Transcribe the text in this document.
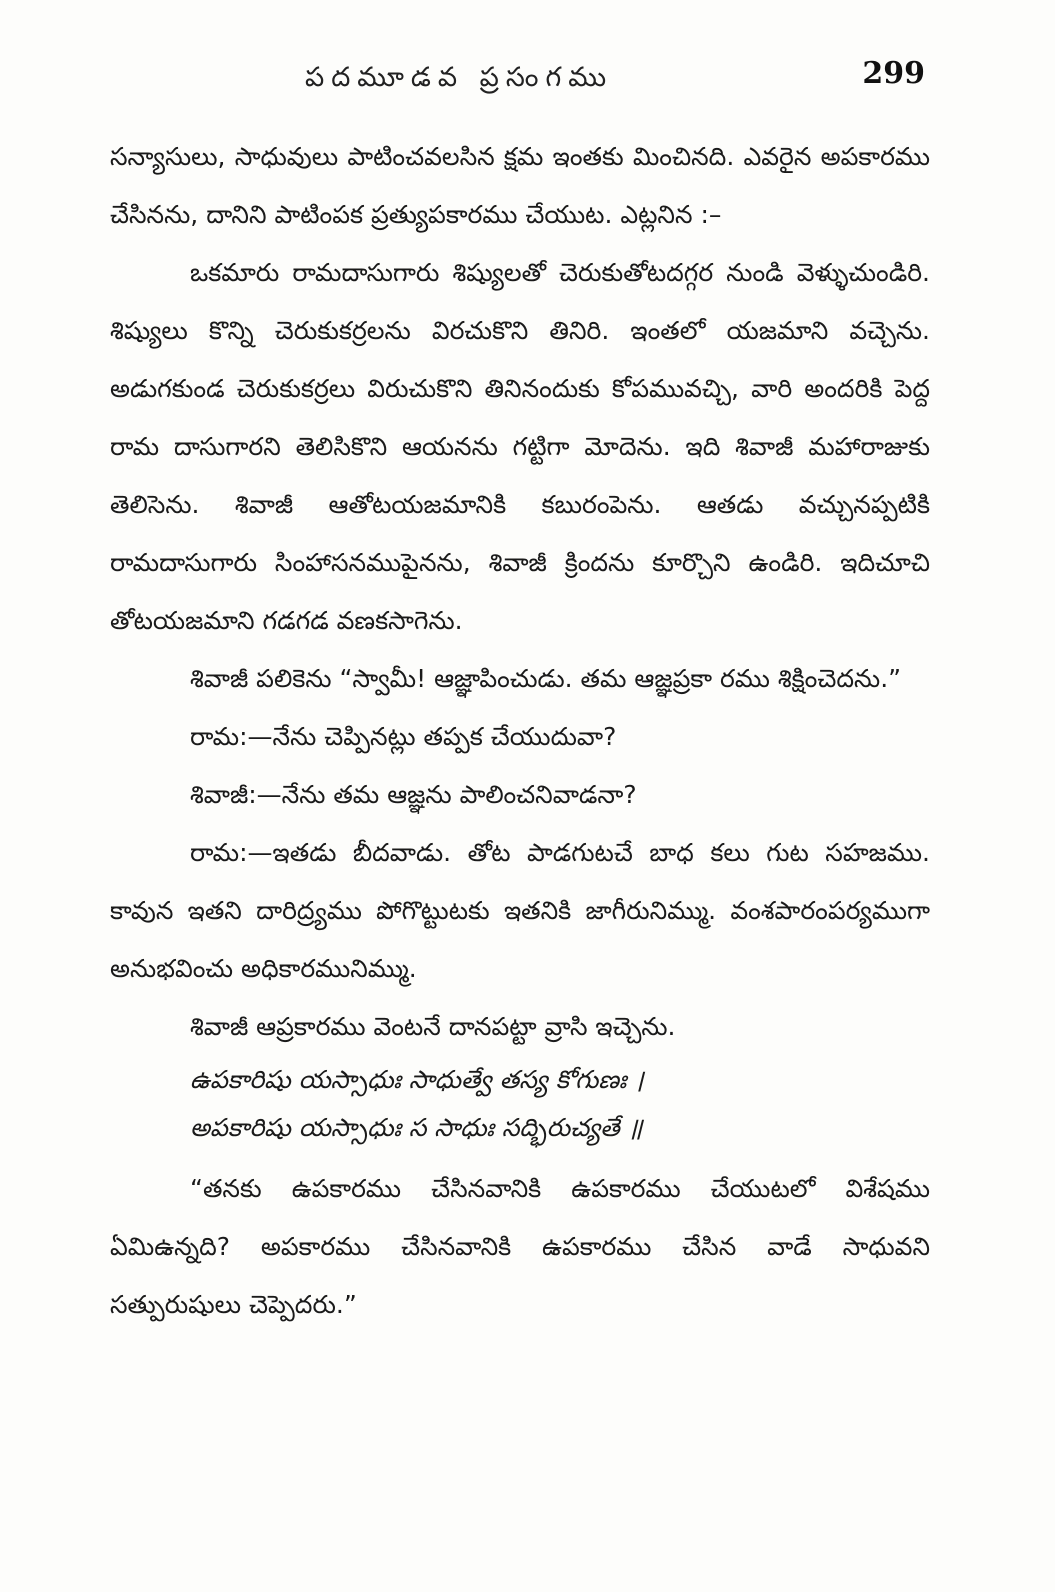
పదమూడవ ప్రసంగము	299

సన్యాసులు, సాధువులు పాటించవలసిన క్షమ ఇంతకు మించినది. ఎవరైన అపకారము చేసినను, దానిని పాటింపక ప్రత్యుపకారము చేయుట. ఎట్లనిన :–

ఒకమారు రామదాసుగారు శిష్యులతో చెరుకుతోటదగ్గర నుండి వెళ్ళుచుండిరి. శిష్యులు కొన్ని చెరుకుకర్రలను విరచుకొని తినిరి. ఇంతలో యజమాని వచ్చెను. అడుగకుండ చెరుకుకర్రలు విరుచుకొని తినినందుకు కోపమువచ్చి, వారి అందరికి పెద్ద రామ దాసుగారని తెలిసికొని ఆయనను గట్టిగా మోదెను. ఇది శివాజీ మహారాజుకు తెలిసెను. శివాజీ ఆతోటయజమానికి కబురంపెను. ఆతడు వచ్చునప్పటికి రామదాసుగారు సింహాసనముపైనను, శివాజీ క్రిందను కూర్చొని ఉండిరి. ఇదిచూచి తోటయజమాని గడగడ వణకసాగెను.

శివాజీ పలికెను “స్వామీ! ఆజ్ఞాపించుడు. తమ ఆజ్ఞప్రకా రము శిక్షించెదను.”

రామ:—నేను చెప్పినట్లు తప్పక చేయుదువా?

శివాజీ:—నేను తమ ఆజ్ఞను పాలించనివాడనా?

రామ:—ఇతడు బీదవాడు. తోట పాడగుటచే బాధ కలు గుట సహజము. కావున ఇతని దారిద్ర్యము పోగొట్టుటకు ఇతనికి జాగీరునిమ్ము. వంశపారంపర్యముగా అనుభవించు అధికారమునిమ్ము.

శివాజీ ఆప్రకారము వెంటనే దానపట్టా వ్రాసి ఇచ్చెను.

ఉపకారిషు యస్సాధుః సాధుత్వే తస్య కోగుణః ।

అపకారిషు యస్సాధుః స సాధుః సద్భిరుచ్యతే ॥

“తనకు ఉపకారము చేసినవానికి ఉపకారము చేయుటలో విశేషము ఏమిఉన్నది? అపకారము చేసినవానికి ఉపకారము చేసిన వాడే సాధువని సత్పురుషులు చెప్పెదరు.”
